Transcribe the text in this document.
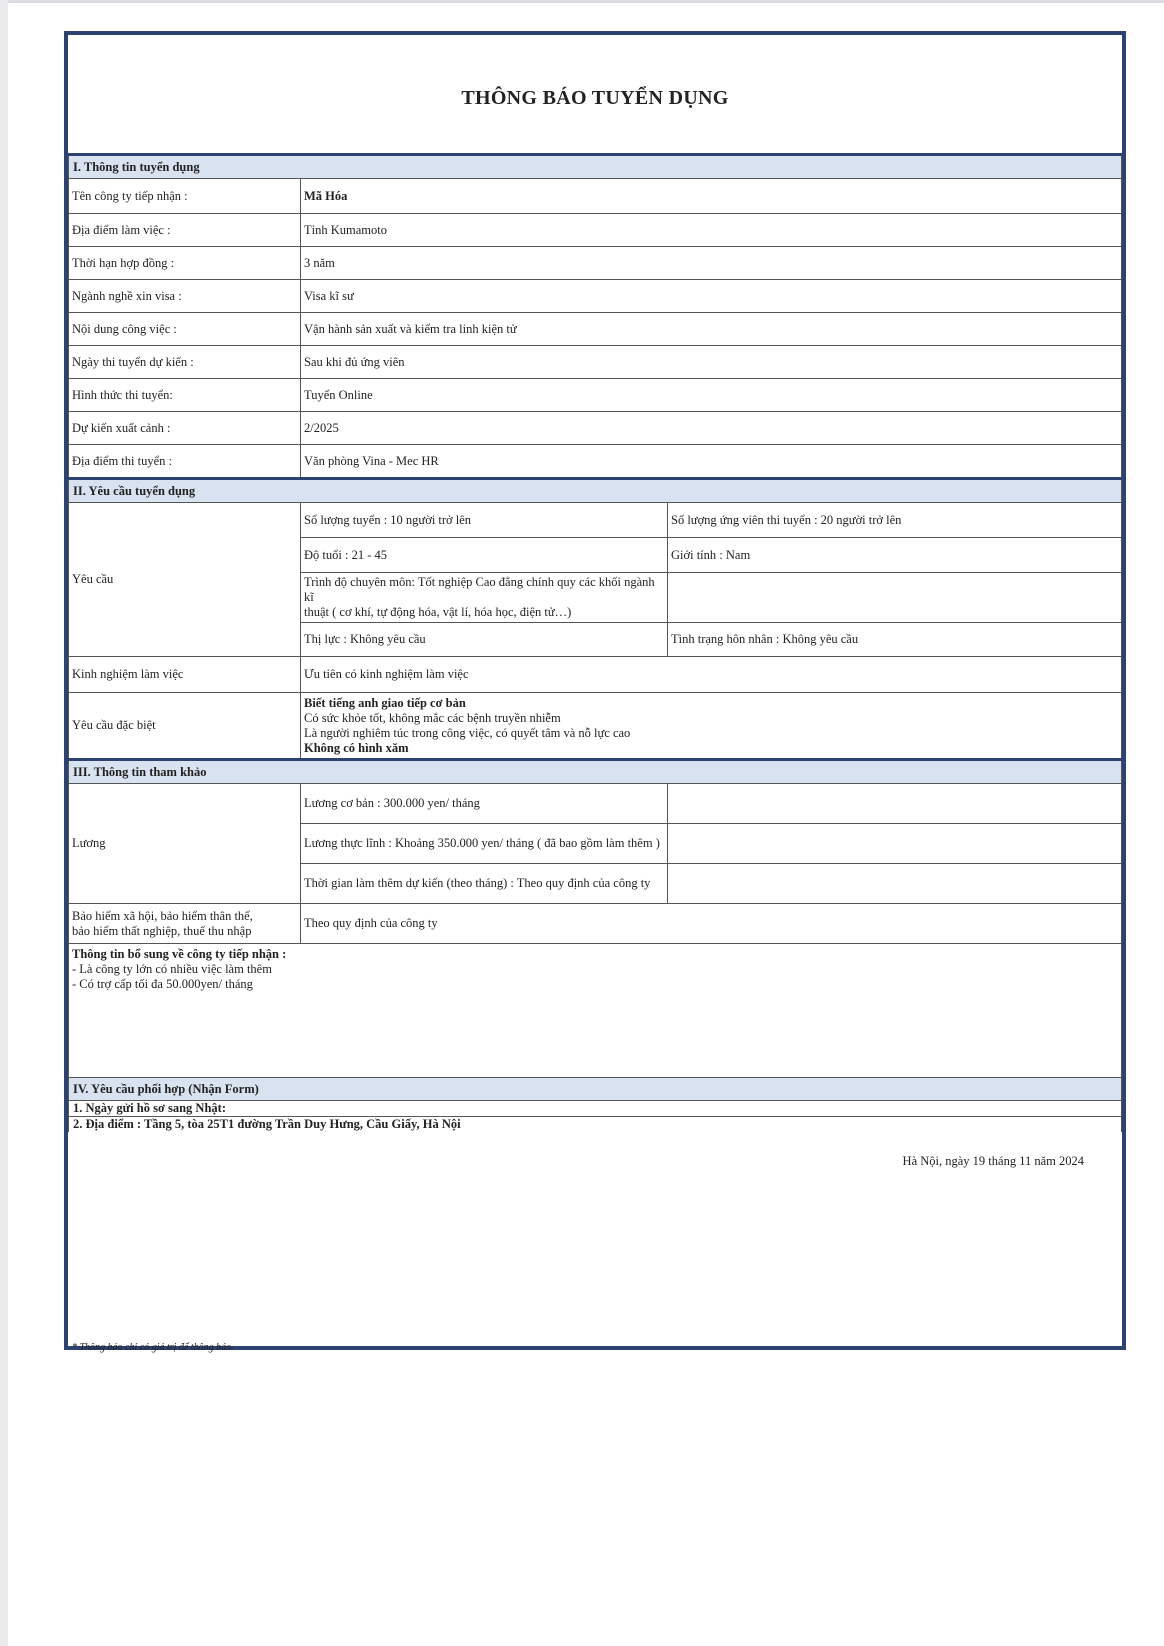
THÔNG BÁO TUYỂN DỤNG
I. Thông tin tuyển dụng		
Tên công ty tiếp nhận :	Mã Hóa	
Địa điểm làm việc :	Tỉnh Kumamoto	
Thời hạn hợp đồng :	3 năm	
Ngành nghề xin visa :	Visa kĩ sư	
Nội dung công việc :	Vận hành sản xuất và kiểm tra linh kiện tử	
Ngày thi tuyển dự kiến :	Sau khi đủ ứng viên	
Hình thức thi tuyển:	Tuyển Online	
Dự kiến xuất cảnh :	2/2025	
Địa điểm thi tuyển :	Văn phòng Vina - Mec HR	
II. Yêu cầu tuyển dụng		
Yêu cầu	Số lượng tuyển : 10 người trở lên	Số lượng ứng viên thi tuyển : 20 người trở lên
	Độ tuổi : 21 - 45	Giới tính : Nam

	Trình độ chuyên môn: Tốt nghiệp Cao đẳng chính quy các khối ngành kĩ
thuật ( cơ khí, tự động hóa, vật lí, hóa học, điện tử…)	

	Thị lực : Không yêu cầu	Tình trạng hôn nhân : Không yêu cầu
Kinh nghiệm làm việc	Ưu tiên có kinh nghiệm làm việc	
Yêu cầu đặc biệt	Biết tiếng anh giao tiếp cơ bản
Có sức khỏe tốt, không mắc các bệnh truyền nhiễm
Là người nghiêm túc trong công việc, có quyết tâm và nỗ lực cao
Không có hình xăm	

III. Thông tin tham khảo		
Lương	Lương cơ bản : 300.000 yen/ tháng	
	Lương thực lĩnh : Khoảng 350.000 yen/ tháng ( đã bao gồm làm thêm )	
	Thời gian làm thêm dự kiến (theo tháng) : Theo quy định của công ty	

Bảo hiểm xã hội, bảo hiểm thân thể,
bảo hiểm thất nghiệp, thuế thu nhập	Theo quy định của công ty	

Thông tin bổ sung về công ty tiếp nhận :
- Là công ty lớn có nhiều việc làm thêm
- Có trợ cấp tối đa 50.000yen/ tháng		

IV. Yêu cầu phối hợp (Nhận Form)		
1. Ngày gửi hồ sơ sang Nhật:		
2. Địa điểm : Tầng 5, tòa 25T1 đường Trần Duy Hưng, Cầu Giấy, Hà Nội		
Hà Nội, ngày 19 tháng 11 năm 2024
* Thông báo chỉ có giá trị để thông báo.
